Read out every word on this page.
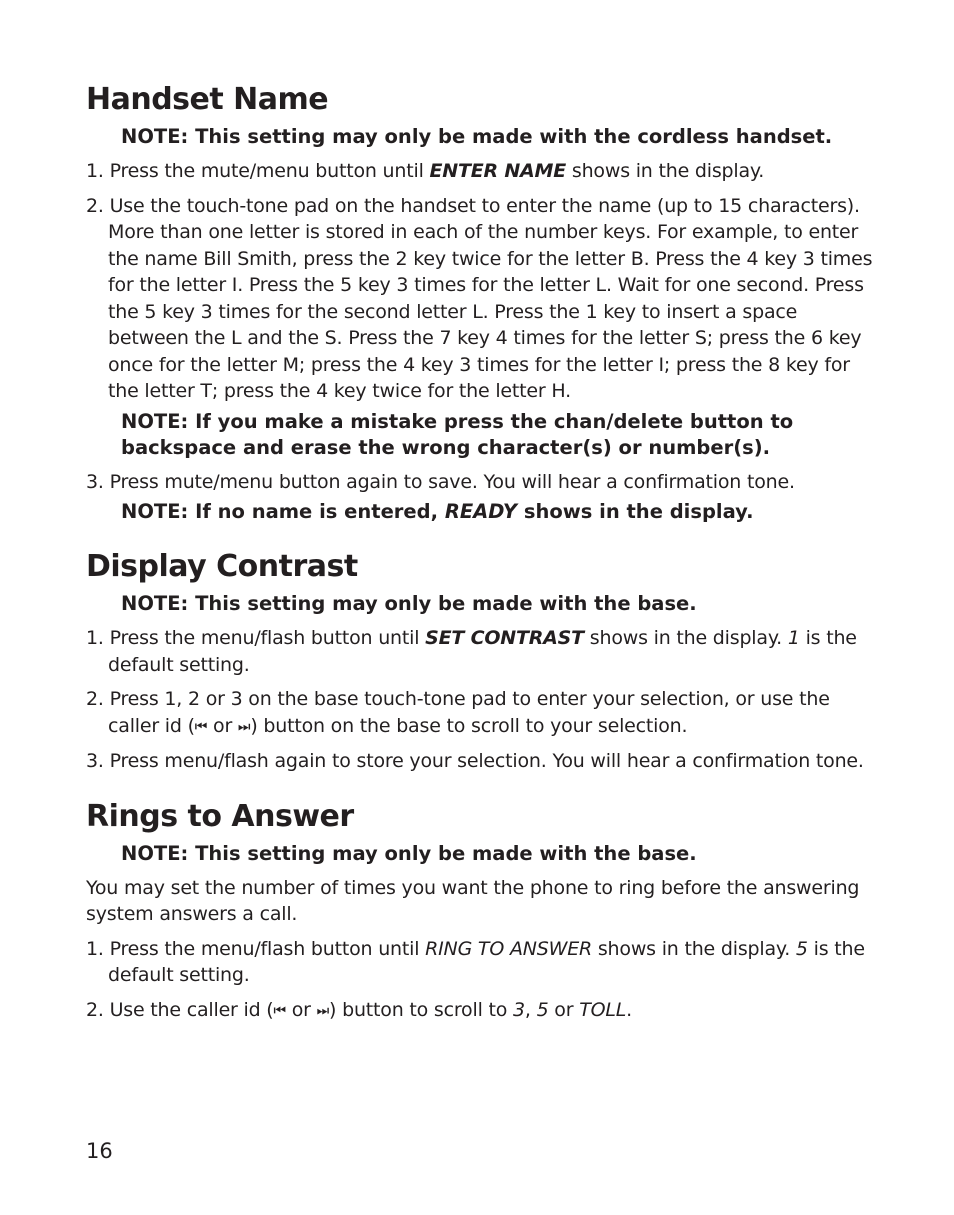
Handset Name
NOTE: This setting may only be made with the cordless handset.
1. Press the mute/menu button until ENTER NAME shows in the display.
2. Use the touch-tone pad on the handset to enter the name (up to 15 characters). More than one letter is stored in each of the number keys. For example, to enter the name Bill Smith, press the 2 key twice for the letter B. Press the 4 key 3 times for the letter I. Press the 5 key 3 times for the letter L. Wait for one second. Press the 5 key 3 times for the second letter L. Press the 1 key to insert a space between the L and the S. Press the 7 key 4 times for the letter S; press the 6 key once for the letter M; press the 4 key 3 times for the letter I; press the 8 key for the letter T; press the 4 key twice for the letter H.
NOTE: If you make a mistake press the chan/delete button to backspace and erase the wrong character(s) or number(s).
3. Press mute/menu button again to save. You will hear a confirmation tone.
NOTE: If no name is entered, READY shows in the display.
Display Contrast
NOTE: This setting may only be made with the base.
1. Press the menu/flash button until SET CONTRAST shows in the display. 1 is the default setting.
2. Press 1, 2 or 3 on the base touch-tone pad to enter your selection, or use the caller id (⏮ or ⏭) button on the base to scroll to your selection.
3. Press menu/flash again to store your selection. You will hear a confirmation tone.
Rings to Answer
NOTE: This setting may only be made with the base.
You may set the number of times you want the phone to ring before the answering system answers a call.
1. Press the menu/flash button until RING TO ANSWER shows in the display. 5 is the default setting.
2. Use the caller id (⏮ or ⏭) button to scroll to 3, 5 or TOLL.
16
